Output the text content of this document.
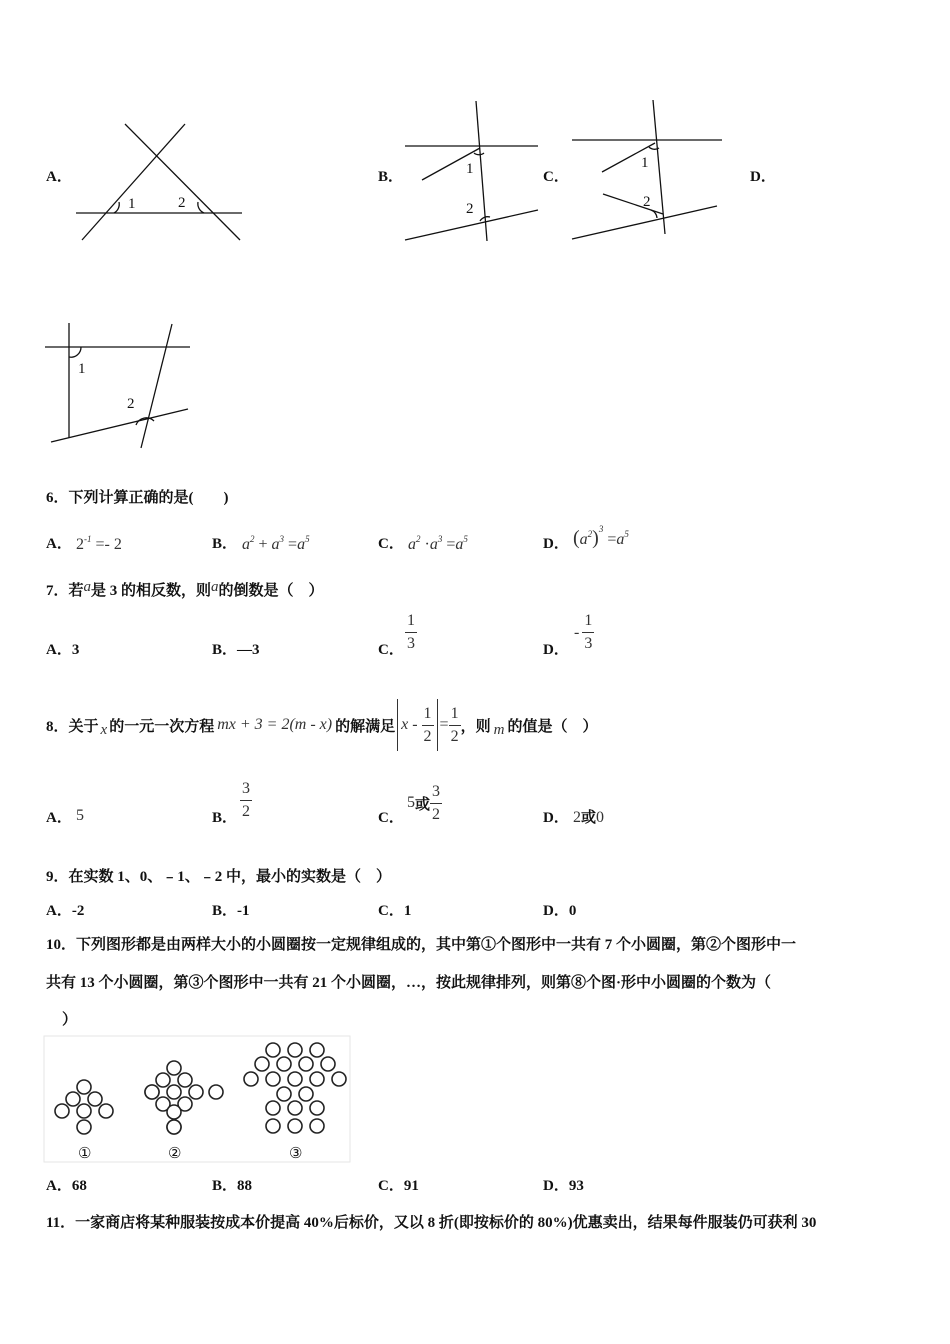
A．
1	2
B．	1
2
C．
1
2
D．
1
2
6．下列计算正确的是(　　)
A． $2^{-1} =- 2$	B． $a^2 + a^3 =a^5$	C． $a^2 \cdot a^3 =a^5$	D． $(a^2)^3 =a^5$
7．若a是 3 的相反数，则a的倒数是（　）
A．3	B．—3	C． $\frac{1}{3}$	D．
- $\frac{1}{3}$
8．关于 x 的一元一次方程 mx + 3 = 2(m - x) 的解满足 $x - \frac{1}{2} = \frac{1}{2}$ ，则 m 的值是（　）
A． 5	B． $\frac{3}{2}$	C．
5 或 $\frac{3}{2}$	D． 2或0
9．在实数 1、0、﹣1、﹣2 中，最小的实数是（　）
A．-2	B．-1	C．1	D．0
10．下列图形都是由两样大小的小圆圈按一定规律组成的，其中第①个图形中一共有 7 个小圆圈，第②个图形中一
共有 13 个小圆圈，第③个图形中一共有 21 个小圆圈，…，按此规律排列，则第⑧个图·形中小圆圈的个数为（
）
①	②	③
A．68	B．88	C．91	D．93
11．一家商店将某种服装按成本价提高 40%后标价，又以 8 折(即按标价的 80%)优惠卖出，结果每件服装仍可获利 30
